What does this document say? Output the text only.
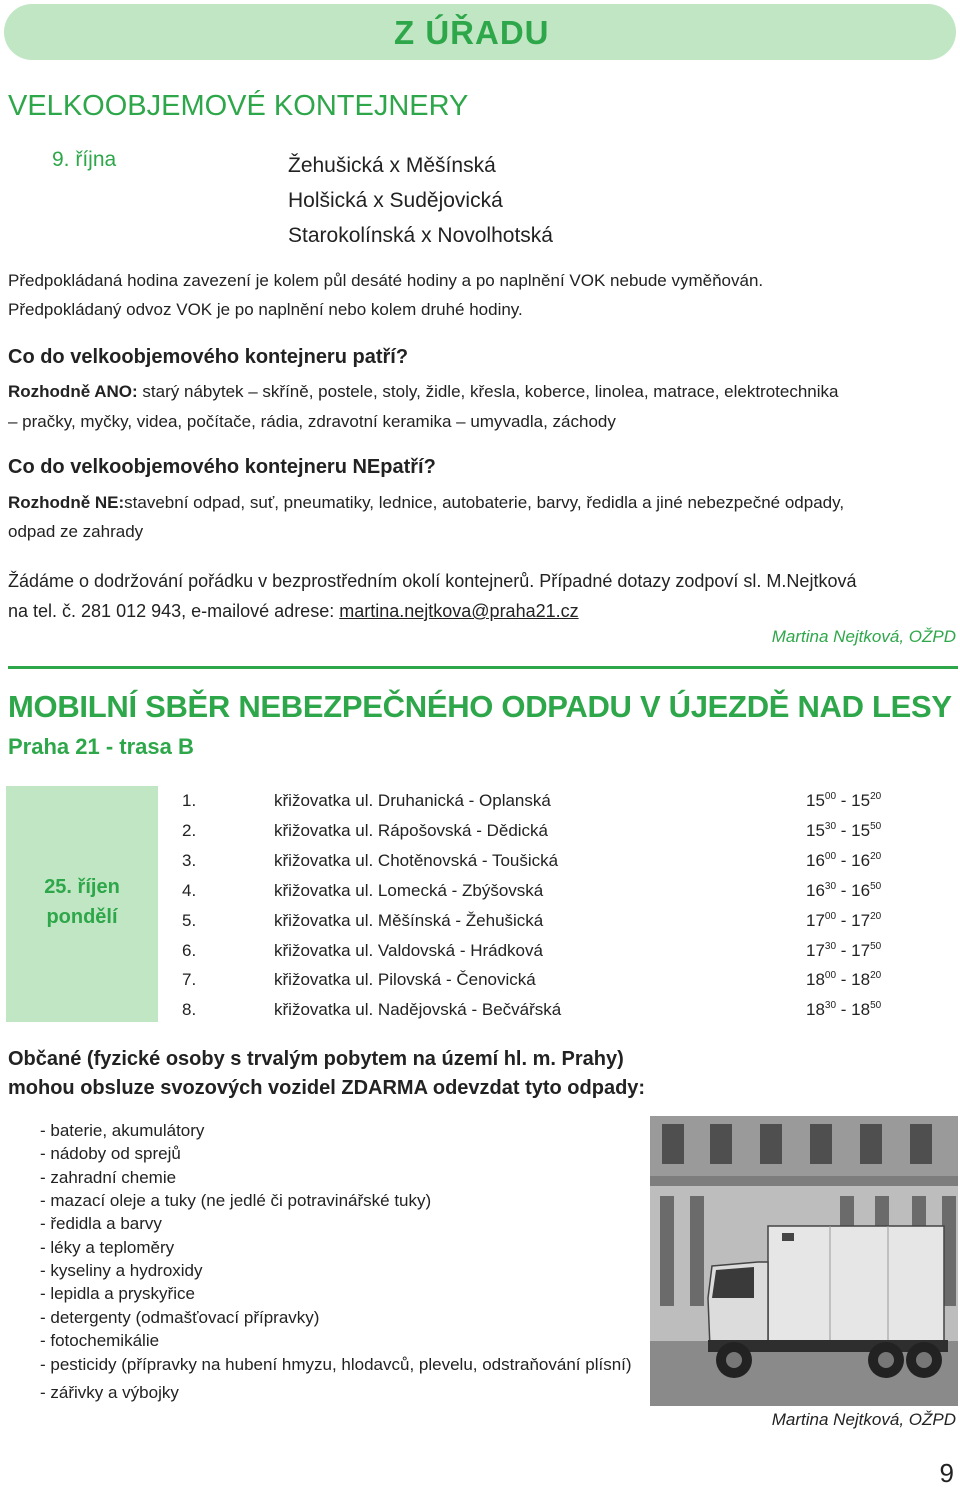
Z ÚŘADU
VELKOOBJEMOVÉ KONTEJNERY
9. října	Žehušická x Měšínská
Holšická x Sudějovická
Starokolínská x Novolhotská
Předpokládaná hodina zavezení je kolem půl desáté hodiny a po naplnění VOK nebude vyměňován.
Předpokládaný odvoz VOK je po naplnění nebo kolem druhé hodiny.
Co do velkoobjemového kontejneru patří?
Rozhodně ANO: starý nábytek – skříně, postele, stoly, židle, křesla, koberce, linolea, matrace, elektrotechnika
– pračky, myčky, videa, počítače, rádia, zdravotní keramika – umyvadla, záchody
Co do velkoobjemového kontejneru NEpatří?
Rozhodně NE:stavební odpad, suť, pneumatiky, lednice, autobaterie, barvy, ředidla a jiné nebezpečné odpady,
odpad ze zahrady
Žádáme o dodržování pořádku v bezprostředním okolí kontejnerů. Případné dotazy zodpoví sl. M.Nejtková
na tel. č. 281 012 943, e-mailové adrese: martina.nejtkova@praha21.cz
Martina Nejtková, OŽPD
MOBILNÍ SBĚR NEBEZPEČNÉHO ODPADU V ÚJEZDĚ NAD LESY
Praha 21 - trasa B
25. říjen
pondělí
1.	křižovatka ul. Druhanická - Oplanská	$15^{00} - 15^{20}$
2.	křižovatka ul. Rápošovská - Dědická	$15^{30} - 15^{50}$
3.	křižovatka ul. Chotěnovská - Toušická	$16^{00} - 16^{20}$
4.	křižovatka ul. Lomecká - Zbýšovská	$16^{30} - 16^{50}$
5.	křižovatka ul. Měšínská - Žehušická	$17^{00} - 17^{20}$
6.	křižovatka ul. Valdovská - Hrádková	$17^{30} - 17^{50}$
7.	křižovatka ul. Pilovská - Čenovická	$18^{00} - 18^{20}$
8.	křižovatka ul. Nadějovská - Bečvářská	$18^{30} - 18^{50}$
Občané (fyzické osoby s trvalým pobytem na území hl. m. Prahy)
mohou obsluze svozových vozidel ZDARMA odevzdat tyto odpady:
- baterie, akumulátory
- nádoby od sprejů
- zahradní chemie
- mazací oleje a tuky (ne jedlé či potravinářské tuky)
- ředidla a barvy
- léky a teploměry
- kyseliny a hydroxidy
- lepidla a pryskyřice
- detergenty (odmašťovací přípravky)
- fotochemikálie
- pesticidy (přípravky na hubení hmyzu, hlodavců, plevelu, odstraňování plísní)
- zářivky a výbojky
Martina Nejtková, OŽPD
9
